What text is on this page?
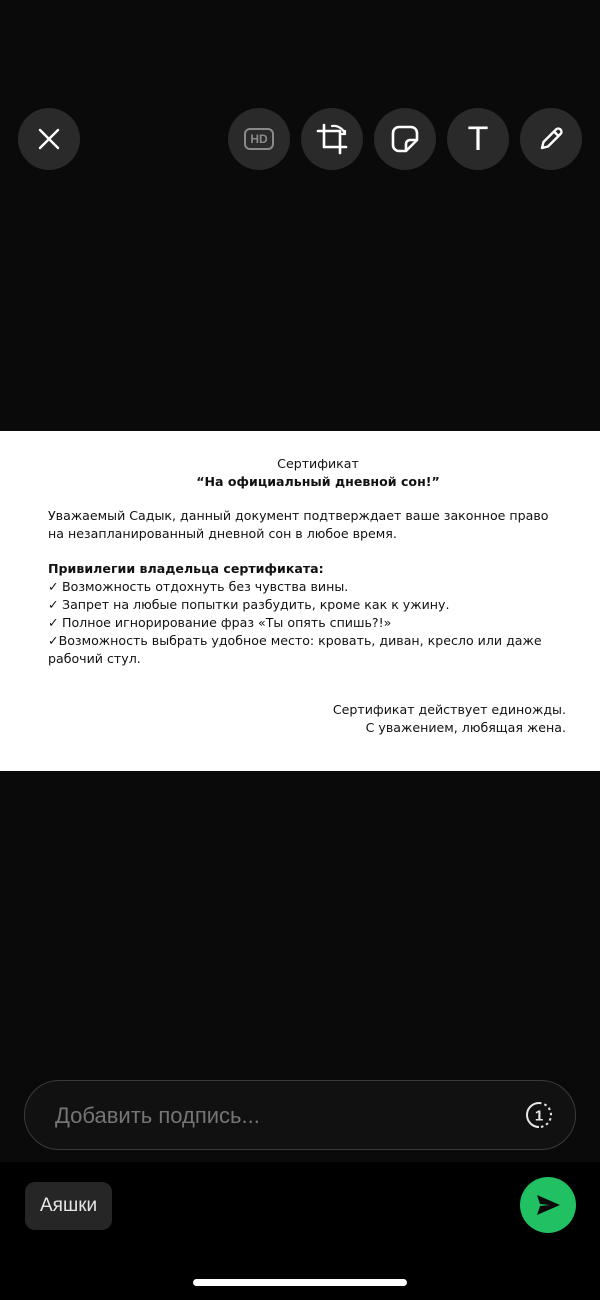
HD	T
Сертификат
“На официальный дневной сон!”
Уважаемый Садык, данный документ подтверждает ваше законное право на незапланированный дневной сон в любое время.
Привилегии владельца сертификата:
✓ Возможность отдохнуть без чувства вины.
✓ Запрет на любые попытки разбудить, кроме как к ужину.
✓ Полное игнорирование фраз «Ты опять спишь?!»
✓Возможность выбрать удобное место: кровать, диван, кресло или даже рабочий стул.
Сертификат действует единожды.
С уважением, любящая жена.
Добавить подпись...
1
Аяшки
